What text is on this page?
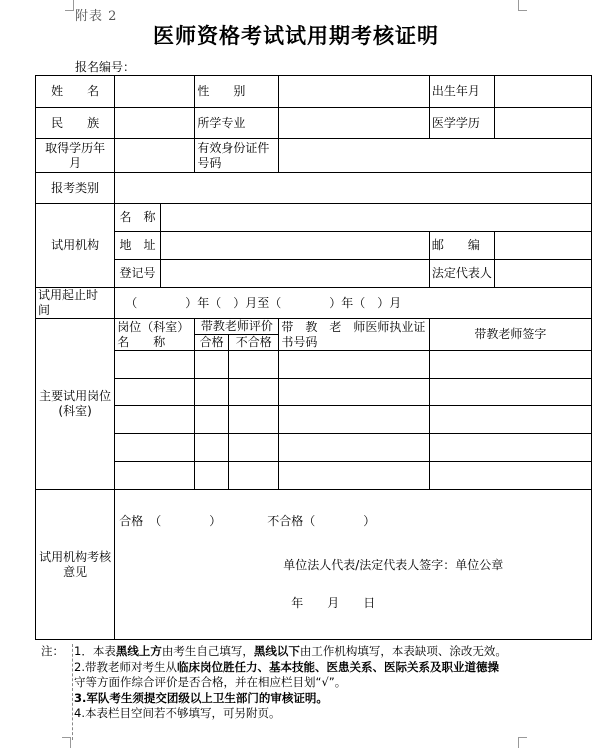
附表 2
医师资格考试试用期考核证明
报名编号：
姓　　名			性　　别			出生年月	
民　　族			所学专业			医学学历	
取得学历年　　月			有效身份证件号码				
报考类别							
试用机构	名　称						
	地　址					邮　　编	
	登记号					法定代表人	
试用起止时　　间	（　　　　）年（　）月至（　　　　）年（　）月						
主要试用岗位(科室)	岗位（科室）名　　称		带教老师评价		带　教　老　师医师执业证书号码	带教老师签字	
			合格	不合格			

试用机构考核意见	合格　（　　　　） 不合格（　　　　）
单位法人代表/法定代表人签字：单位公章
年　　月　　日						
注： 1．本表黑线上方由考生自己填写，黑线以下由工作机构填写，本表缺项、涂改无效。
2.带教老师对考生从临床岗位胜任力、基本技能、医患关系、医际关系及职业道德操
守等方面作综合评价是否合格，并在相应栏目划“√”。
3.军队考生须提交团级以上卫生部门的审核证明。
4.本表栏目空间若不够填写，可另附页。
